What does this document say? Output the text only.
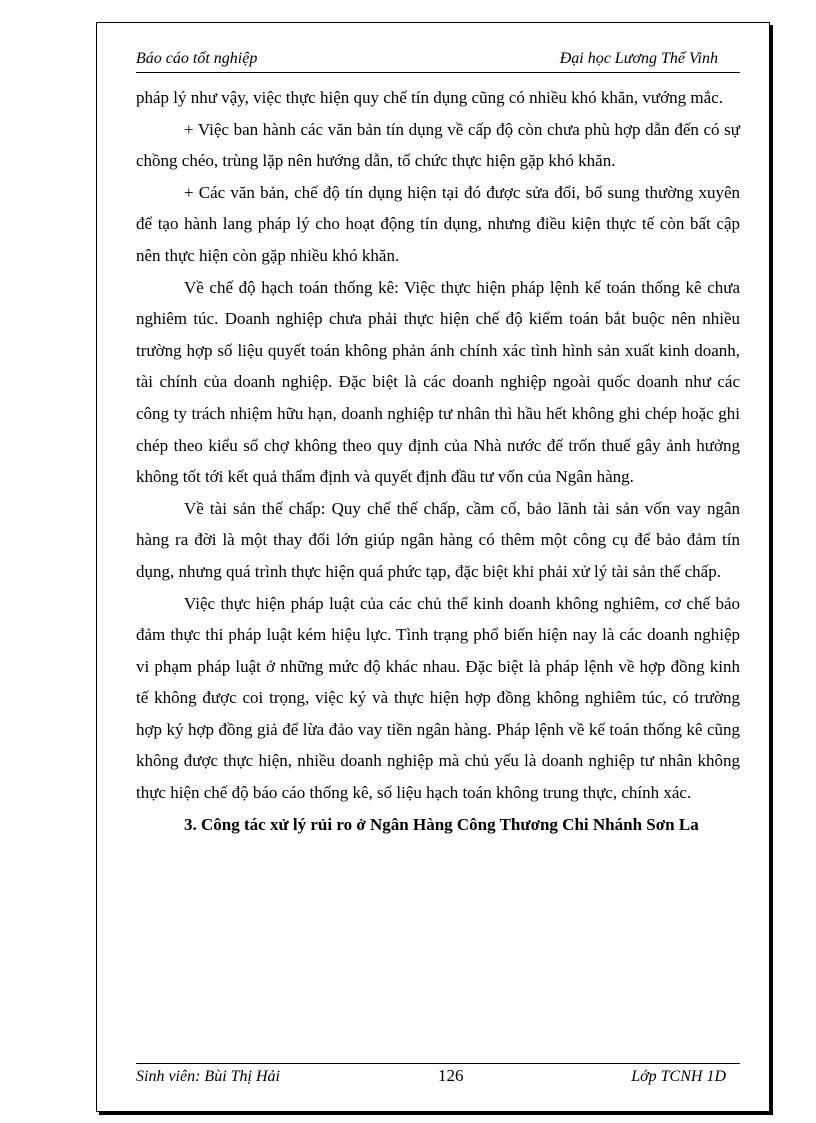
Báo cáo tốt nghiệp	Đại học Lương Thế Vinh

pháp lý như vậy, việc thực hiện quy chế tín dụng cũng có nhiều khó khăn, vướng mắc.

+ Việc ban hành các văn bản tín dụng về cấp độ còn chưa phù hợp dẫn đến có sự chồng chéo, trùng lặp nên hướng dẫn, tổ chức thực hiện gặp khó khăn.

+ Các văn bản, chế độ tín dụng hiện tại đó được sửa đổi, bổ sung thường xuyên để tạo hành lang pháp lý cho hoạt động tín dụng, nhưng điều kiện thực tế còn bất cập nên thực hiện còn gặp nhiều khó khăn.

Về chế độ hạch toán thống kê: Việc thực hiện pháp lệnh kế toán thống kê chưa nghiêm túc. Doanh nghiệp chưa phải thực hiện chế độ kiểm toán bắt buộc nên nhiều trường hợp số liệu quyết toán không phản ánh chính xác tình hình sản xuất kinh doanh, tài chính của doanh nghiệp. Đặc biệt là các doanh nghiệp ngoài quốc doanh như các công ty trách nhiệm hữu hạn, doanh nghiệp tư nhân thì hầu hết không ghi chép hoặc ghi chép theo kiểu sổ chợ không theo quy định của Nhà nước để trốn thuế gây ảnh hưởng không tốt tới kết quả thẩm định và quyết định đầu tư vốn của Ngân hàng.

Về tài sản thế chấp: Quy chế thế chấp, cầm cố, bảo lãnh tài sản vốn vay ngân hàng ra đời là một thay đổi lớn giúp ngân hàng có thêm một công cụ để bảo đảm tín dụng, nhưng quá trình thực hiện quá phức tạp, đặc biệt khi phải xử lý tài sản thế chấp.

Việc thực hiện pháp luật của các chủ thể kinh doanh không nghiêm, cơ chế bảo đảm thực thi pháp luật kém hiệu lực. Tình trạng phổ biến hiện nay là các doanh nghiệp vi phạm pháp luật ở những mức độ khác nhau. Đặc biệt là pháp lệnh về hợp đồng kinh tế không được coi trọng, việc ký và thực hiện hợp đồng không nghiêm túc, có trường hợp ký hợp đồng giả để lừa đảo vay tiền ngân hàng. Pháp lệnh về kế toán thống kê cũng không được thực hiện, nhiều doanh nghiệp mà chủ yếu là doanh nghiệp tư nhân không thực hiện chế độ báo cáo thống kê, số liệu hạch toán không trung thực, chính xác.

3. Công tác xử lý rủi ro ở Ngân Hàng Công Thương Chi Nhánh Sơn La

Sinh viên: Bùi Thị Hải	126	Lớp TCNH 1D
